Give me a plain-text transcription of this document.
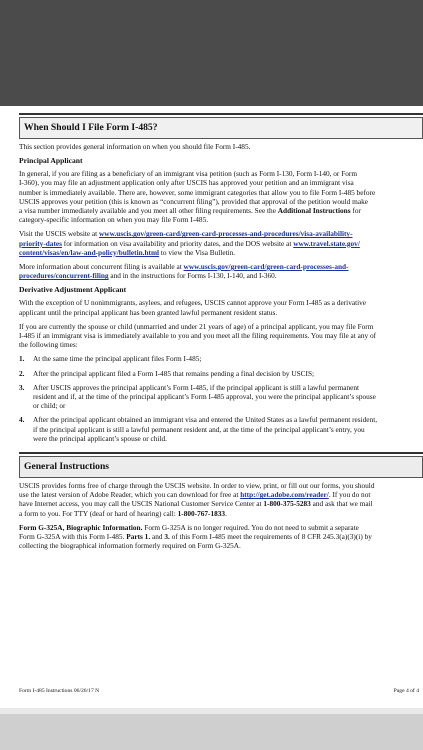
When Should I File Form I-485?

This section provides general information on when you should file Form I-485.

Principal Applicant

In general, if you are filing as a beneficiary of an immigrant visa petition (such as Form I-130, Form I-140, or Form

I-360), you may file an adjustment application only after USCIS has approved your petition and an immigrant visa

number is immediately available. There are, however, some immigrant categories that allow you to file Form I-485 before

USCIS approves your petition (this is known as “concurrent filing”), provided that approval of the petition would make

a visa number immediately available and you meet all other filing requirements. See the Additional Instructions for

category-specific information on when you may file Form I-485.

Visit the USCIS website at www.uscis.gov/green-card/green-card-processes-and-procedures/visa-availability-

priority-dates for information on visa availability and priority dates, and the DOS website at www.travel.state.gov/

content/visas/en/law-and-policy/bulletin.html to view the Visa Bulletin.

More information about concurrent filing is available at www.uscis.gov/green-card/green-card-processes-and-

procedures/concurrent-filing and in the instructions for Forms I-130, I-140, and I-360.

Derivative Adjustment Applicant

With the exception of U nonimmigrants, asylees, and refugees, USCIS cannot approve your Form I-485 as a derivative

applicant until the principal applicant has been granted lawful permanent resident status.

If you are currently the spouse or child (unmarried and under 21 years of age) of a principal applicant, you may file Form

I-485 if an immigrant visa is immediately available to you and you meet all the filing requirements. You may file at any of

the following times:

1. At the same time the principal applicant files Form I-485;

2. After the principal applicant filed a Form I-485 that remains pending a final decision by USCIS;

3. After USCIS approves the principal applicant’s Form I-485, if the principal applicant is still a lawful permanent

resident and if, at the time of the principal applicant’s Form I-485 approval, you were the principal applicant’s spouse

or child; or

4. After the principal applicant obtained an immigrant visa and entered the United States as a lawful permanent resident,

if the principal applicant is still a lawful permanent resident and, at the time of the principal applicant’s entry, you

were the principal applicant’s spouse or child.

General Instructions

USCIS provides forms free of charge through the USCIS website. In order to view, print, or fill out our forms, you should

use the latest version of Adobe Reader, which you can download for free at http://get.adobe.com/reader/. If you do not

have Internet access, you may call the USCIS National Customer Service Center at 1-800-375-5283 and ask that we mail

a form to you. For TTY (deaf or hard of hearing) call: 1-800-767-1833.

Form G-325A, Biographic Information. Form G-325A is no longer required. You do not need to submit a separate

Form G-325A with this Form I-485. Parts 1. and 3. of this Form I-485 meet the requirements of 8 CFR 245.3(a)(3)(i) by

collecting the biographical information formerly required on Form G-325A.

Form I-485 Instructions 06/26/17 N	Page 4 of 4
